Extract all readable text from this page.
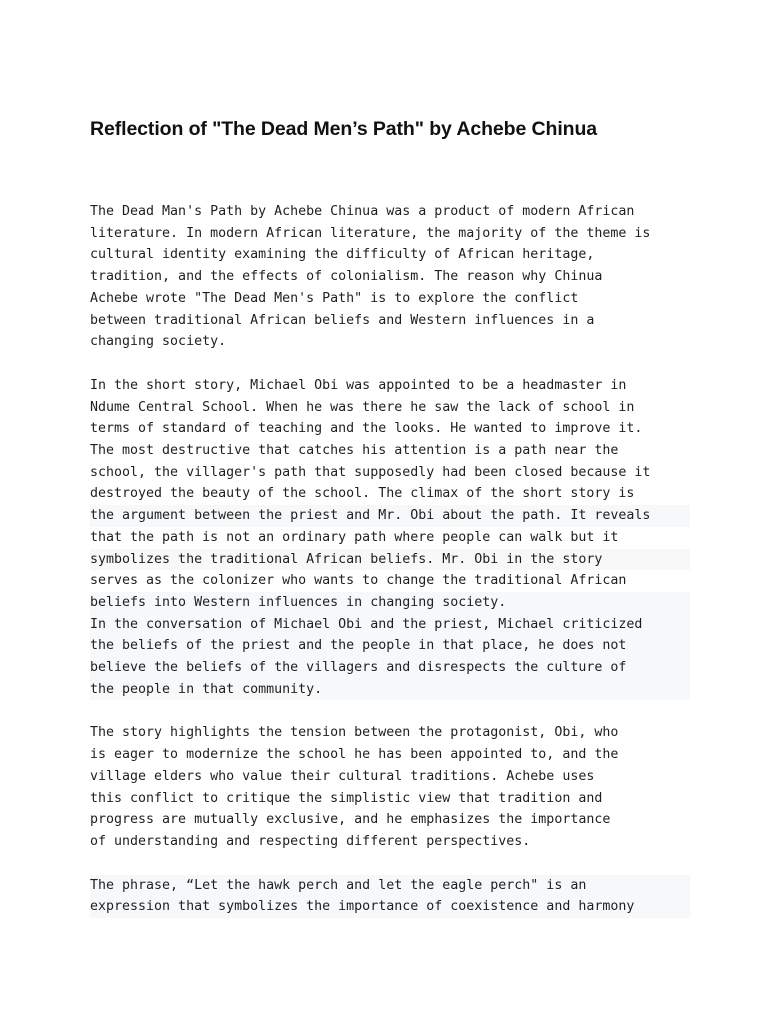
Reflection of "The Dead Men’s Path" by Achebe Chinua

The Dead Man's Path by Achebe Chinua was a product of modern African
literature. In modern African literature, the majority of the theme is
cultural identity examining the difficulty of African heritage,
tradition, and the effects of colonialism. The reason why Chinua
Achebe wrote "The Dead Men's Path" is to explore the conflict
between traditional African beliefs and Western influences in a
changing society.

In the short story, Michael Obi was appointed to be a headmaster in
Ndume Central School. When he was there he saw the lack of school in
terms of standard of teaching and the looks. He wanted to improve it.
The most destructive that catches his attention is a path near the
school, the villager's path that supposedly had been closed because it
destroyed the beauty of the school. The climax of the short story is
the argument between the priest and Mr. Obi about the path. It reveals
that the path is not an ordinary path where people can walk but it
symbolizes the traditional African beliefs. Mr. Obi in the story
serves as the colonizer who wants to change the traditional African
beliefs into Western influences in changing society.
In the conversation of Michael Obi and the priest, Michael criticized
the beliefs of the priest and the people in that place, he does not
believe the beliefs of the villagers and disrespects the culture of
the people in that community.

The story highlights the tension between the protagonist, Obi, who
is eager to modernize the school he has been appointed to, and the
village elders who value their cultural traditions. Achebe uses
this conflict to critique the simplistic view that tradition and
progress are mutually exclusive, and he emphasizes the importance
of understanding and respecting different perspectives.

The phrase, “Let the hawk perch and let the eagle perch" is an
expression that symbolizes the importance of coexistence and harmony
